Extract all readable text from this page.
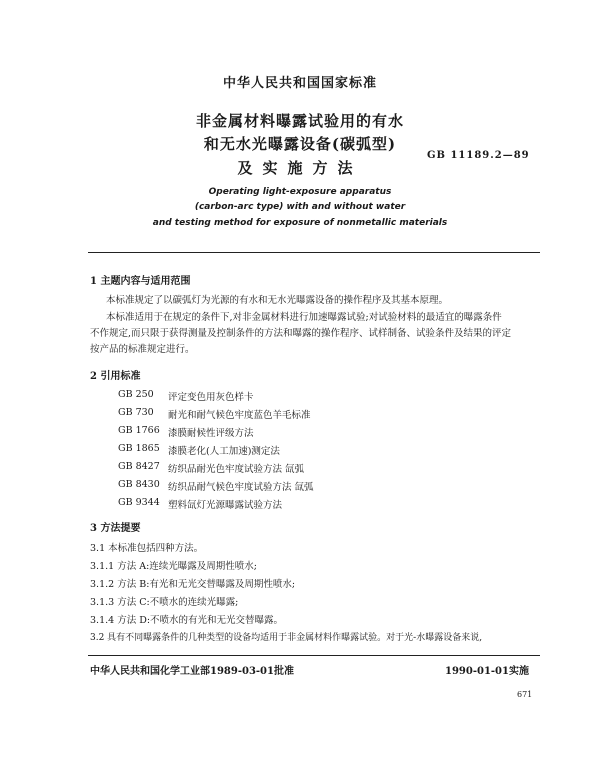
中华人民共和国国家标准
非金属材料曝露试验用的有水
和无水光曝露设备(碳弧型)
及实施方法
GB 11189.2—89
Operating light-exposure apparatus
(carbon-arc type) with and without water
and testing method for exposure of nonmetallic materials
1 主题内容与适用范围
本标准规定了以碳弧灯为光源的有水和无水光曝露设备的操作程序及其基本原理。
本标准适用于在规定的条件下,对非金属材料进行加速曝露试验;对试验材料的最适宜的曝露条件
不作规定,而只限于获得测量及控制条件的方法和曝露的操作程序、试样制备、试验条件及结果的评定
按产品的标准规定进行。
2 引用标准
GB 250 评定变色用灰色样卡
GB 730 耐光和耐气候色牢度蓝色羊毛标准
GB 1766 漆膜耐候性评级方法
GB 1865 漆膜老化(人工加速)测定法
GB 8427 纺织品耐光色牢度试验方法 氙弧
GB 8430 纺织品耐气候色牢度试验方法 氙弧
GB 9344 塑料氙灯光源曝露试验方法
3 方法提要
3.1 本标准包括四种方法。
3.1.1 方法 A:连续光曝露及周期性喷水;
3.1.2 方法 B:有光和无光交替曝露及周期性喷水;
3.1.3 方法 C:不喷水的连续光曝露;
3.1.4 方法 D:不喷水的有光和无光交替曝露。
3.2 具有不同曝露条件的几种类型的设备均适用于非金属材料作曝露试验。对于光-水曝露设备来说,
中华人民共和国化学工业部1989-03-01批准	1990-01-01实施
671
